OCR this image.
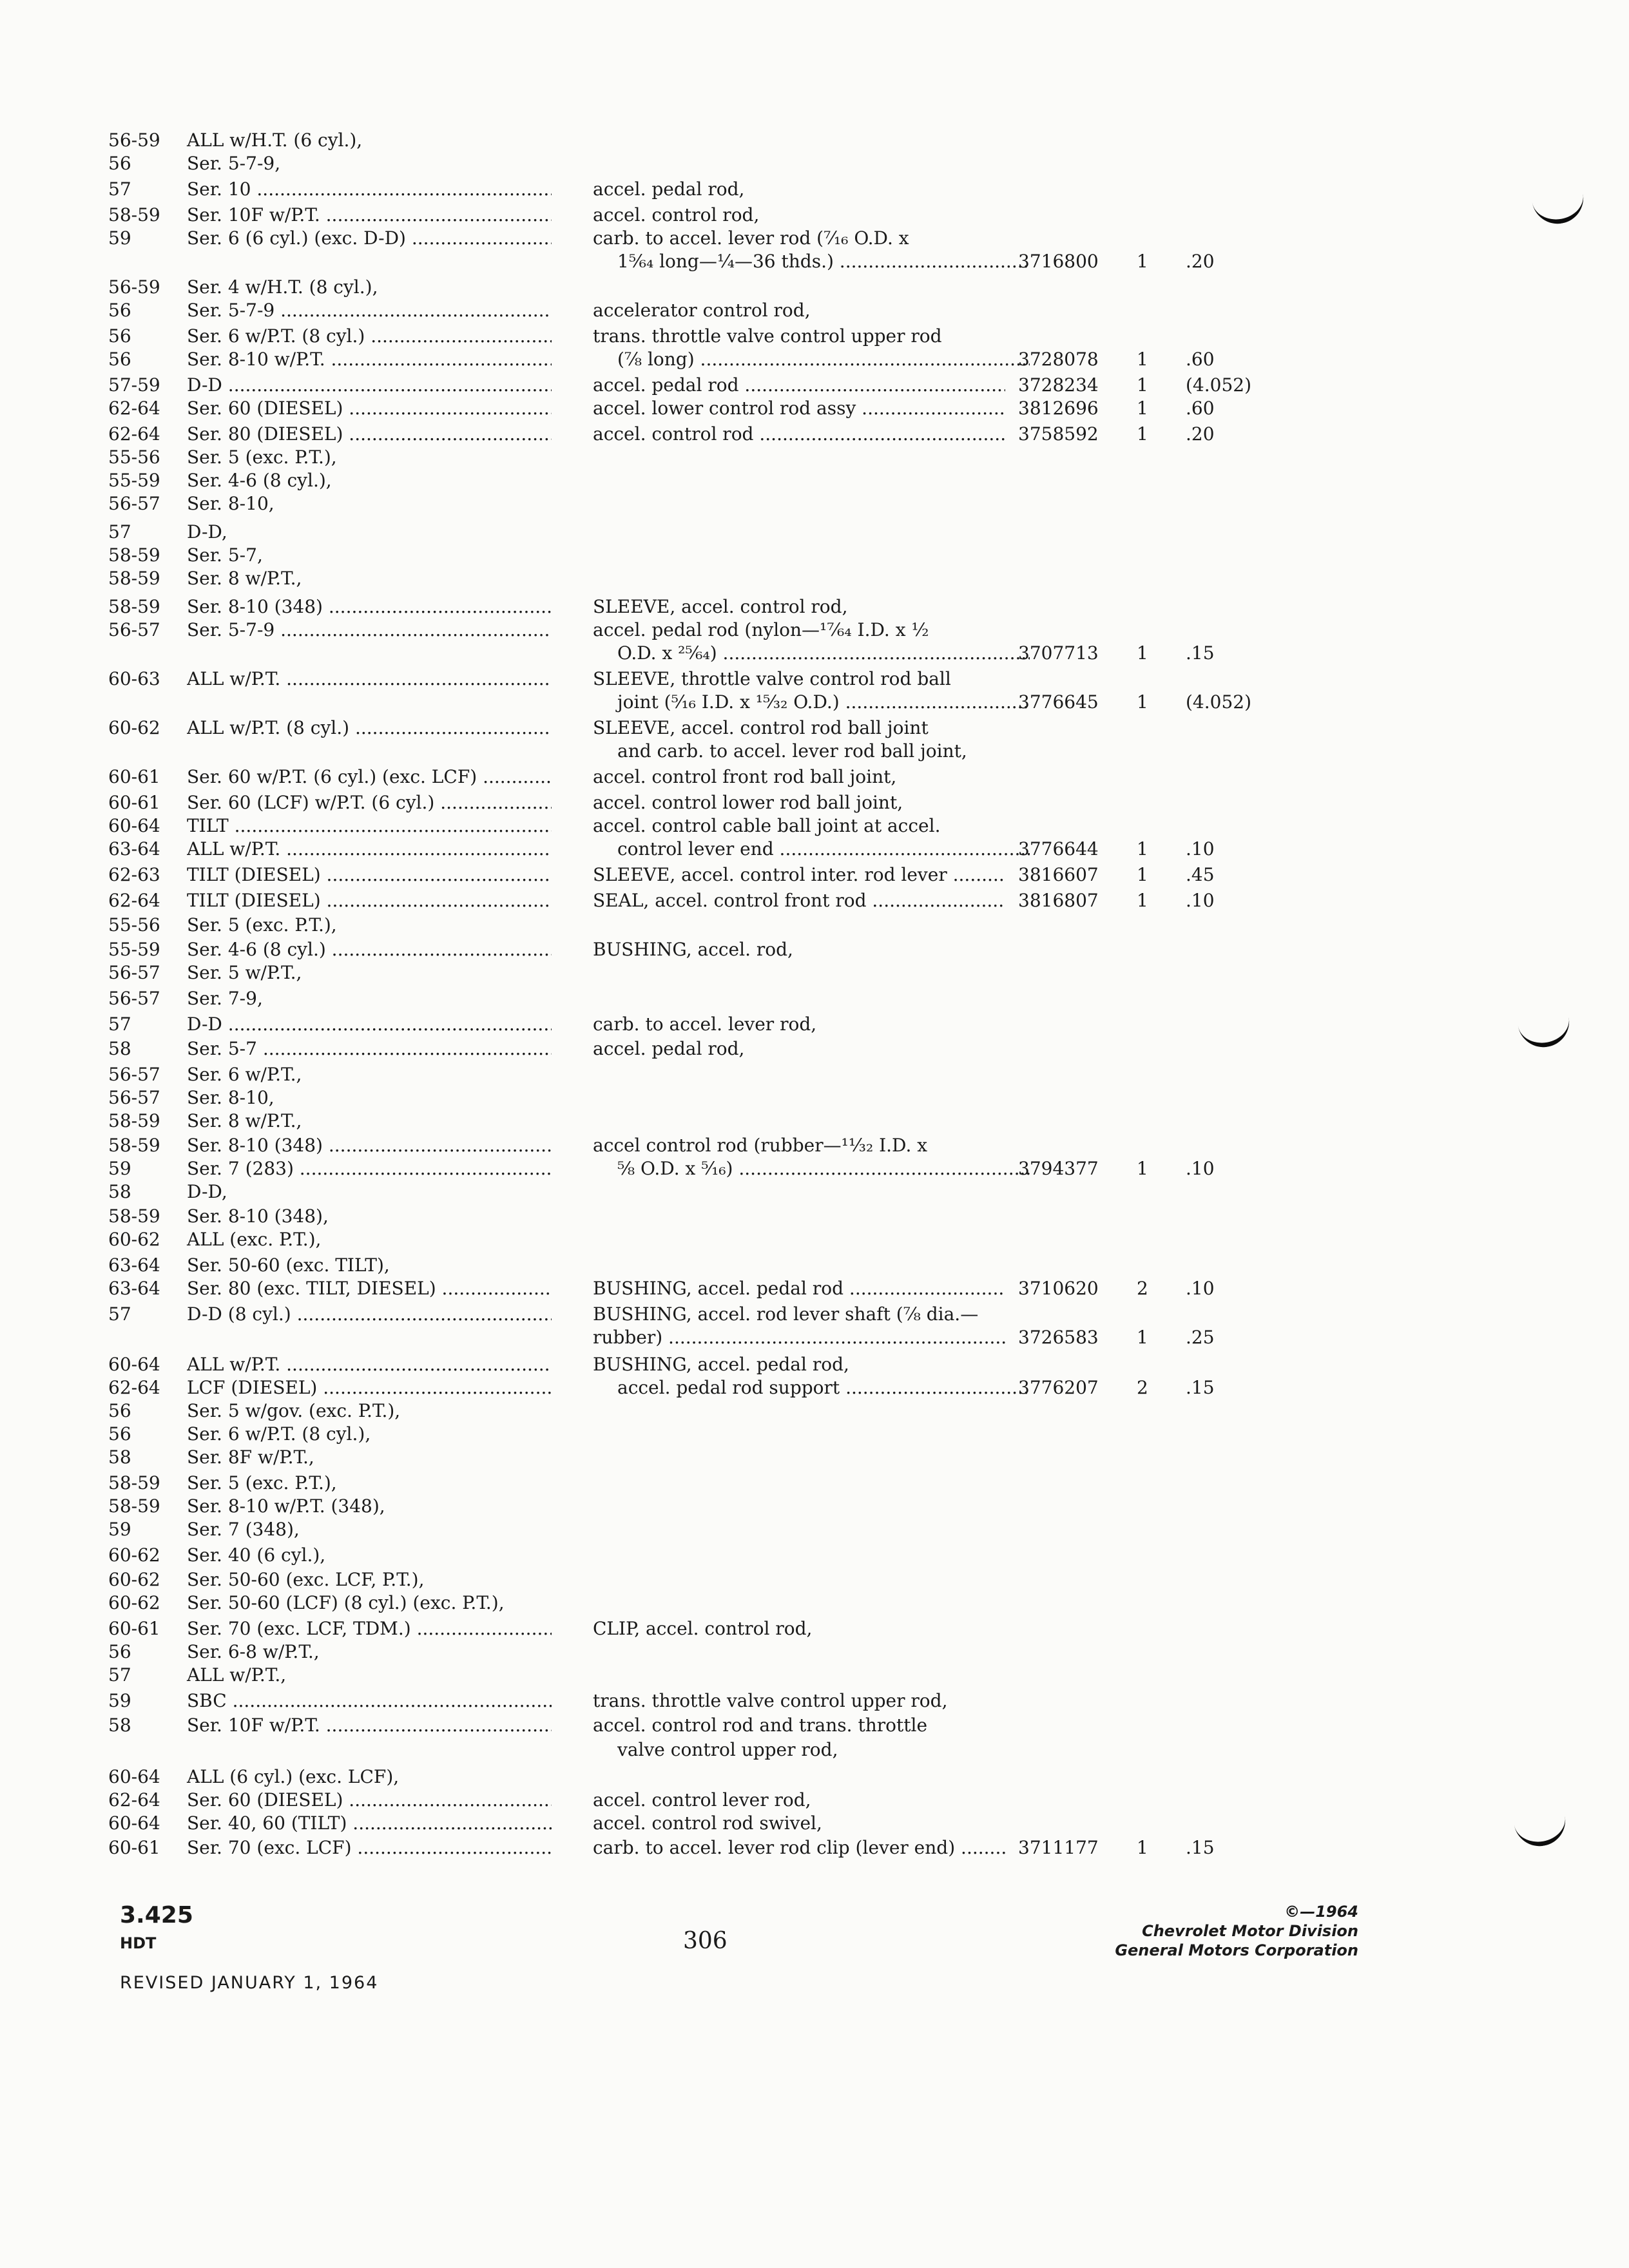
56-59 ALL w/H.T. (6 cyl.),
56	Ser. 5-7-9,
57	Ser. 10 .....	accel. pedal rod,
58-59 Ser. 10F w/P.T. .....	accel. control rod,
59	Ser. 6 (6 cyl.) (exc. D-D) .....	carb. to accel. lever rod (⁷⁄₁₆ O.D. x
1⁵⁄₆₄ long—¼—36 thds.) .....	3716800 1 .20
56-59 Ser. 4 w/H.T. (8 cyl.),
56	Ser. 5-7-9 .....	accelerator control rod,
56	Ser. 6 w/P.T. (8 cyl.) .....	trans. throttle valve control upper rod
56	Ser. 8-10 w/P.T. .....	(⅞ long) .....	3728078 1 .60
57-59 D-D .....	accel. pedal rod .....	3728234 1 (4.052)
62-64 Ser. 60 (DIESEL) .....	accel. lower control rod assy .....	3812696 1 .60
62-64 Ser. 80 (DIESEL) .....	accel. control rod .....	3758592 1 .20
55-56 Ser. 5 (exc. P.T.),
55-59 Ser. 4-6 (8 cyl.),
56-57 Ser. 8-10,
57	D-D,
58-59 Ser. 5-7,
58-59 Ser. 8 w/P.T.,
58-59 Ser. 8-10 (348) .....	SLEEVE, accel. control rod,
56-57 Ser. 5-7-9 .....	accel. pedal rod (nylon—¹⁷⁄₆₄ I.D. x ½
O.D. x ²⁵⁄₆₄) .....	3707713 1 .15
60-63 ALL w/P.T. .....	SLEEVE, throttle valve control rod ball
joint (⁵⁄₁₆ I.D. x ¹⁵⁄₃₂ O.D.) .....	3776645 1 (4.052)
60-62 ALL w/P.T. (8 cyl.) .....	SLEEVE, accel. control rod ball joint
and carb. to accel. lever rod ball joint,
60-61 Ser. 60 w/P.T. (6 cyl.) (exc. LCF) .....	accel. control front rod ball joint,
60-61 Ser. 60 (LCF) w/P.T. (6 cyl.) .....	accel. control lower rod ball joint,
60-64 TILT .....	accel. control cable ball joint at accel.
63-64 ALL w/P.T. .....	control lever end .....	3776644 1 .10
62-63 TILT (DIESEL) .....	SLEEVE, accel. control inter. rod lever .....	3816607 1 .45
62-64 TILT (DIESEL) .....	SEAL, accel. control front rod .....	3816807 1 .10
55-56 Ser. 5 (exc. P.T.),
55-59 Ser. 4-6 (8 cyl.) .....	BUSHING, accel. rod,
56-57 Ser. 5 w/P.T.,
56-57 Ser. 7-9,
57	D-D .....	carb. to accel. lever rod,
58	Ser. 5-7 .....	accel. pedal rod,
56-57 Ser. 6 w/P.T.,
56-57 Ser. 8-10,
58-59 Ser. 8 w/P.T.,
58-59 Ser. 8-10 (348) .....	accel control rod (rubber—¹¹⁄₃₂ I.D. x
59	Ser. 7 (283) .....	⅝ O.D. x ⁵⁄₁₆) .....	3794377 1 .10
58	D-D,
58-59 Ser. 8-10 (348),
60-62 ALL (exc. P.T.),
63-64 Ser. 50-60 (exc. TILT),
63-64 Ser. 80 (exc. TILT, DIESEL) .....	BUSHING, accel. pedal rod .....	3710620 2 .10
57	D-D (8 cyl.) .....	BUSHING, accel. rod lever shaft (⅞ dia.—
rubber) .....	3726583 1 .25
60-64 ALL w/P.T. .....	BUSHING, accel. pedal rod,
62-64 LCF (DIESEL) .....	accel. pedal rod support .....	3776207 2 .15
56	Ser. 5 w/gov. (exc. P.T.),
56	Ser. 6 w/P.T. (8 cyl.),
58	Ser. 8F w/P.T.,
58-59 Ser. 5 (exc. P.T.),
58-59 Ser. 8-10 w/P.T. (348),
59	Ser. 7 (348),
60-62 Ser. 40 (6 cyl.),
60-62 Ser. 50-60 (exc. LCF, P.T.),
60-62 Ser. 50-60 (LCF) (8 cyl.) (exc. P.T.),
60-61 Ser. 70 (exc. LCF, TDM.) .....	CLIP, accel. control rod,
56	Ser. 6-8 w/P.T.,
57	ALL w/P.T.,
59	SBC .....	trans. throttle valve control upper rod,
58	Ser. 10F w/P.T. .....	accel. control rod and trans. throttle
valve control upper rod,
60-64 ALL (6 cyl.) (exc. LCF),
62-64 Ser. 60 (DIESEL) .....	accel. control lever rod,
60-64 Ser. 40, 60 (TILT) .....	accel. control rod swivel,
60-61 Ser. 70 (exc. LCF) .....	carb. to accel. lever rod clip (lever end) .....	3711177 1 .15
3.425
HDT	306
REVISED JANUARY 1, 1964
©—1964
Chevrolet Motor Division
General Motors Corporation
